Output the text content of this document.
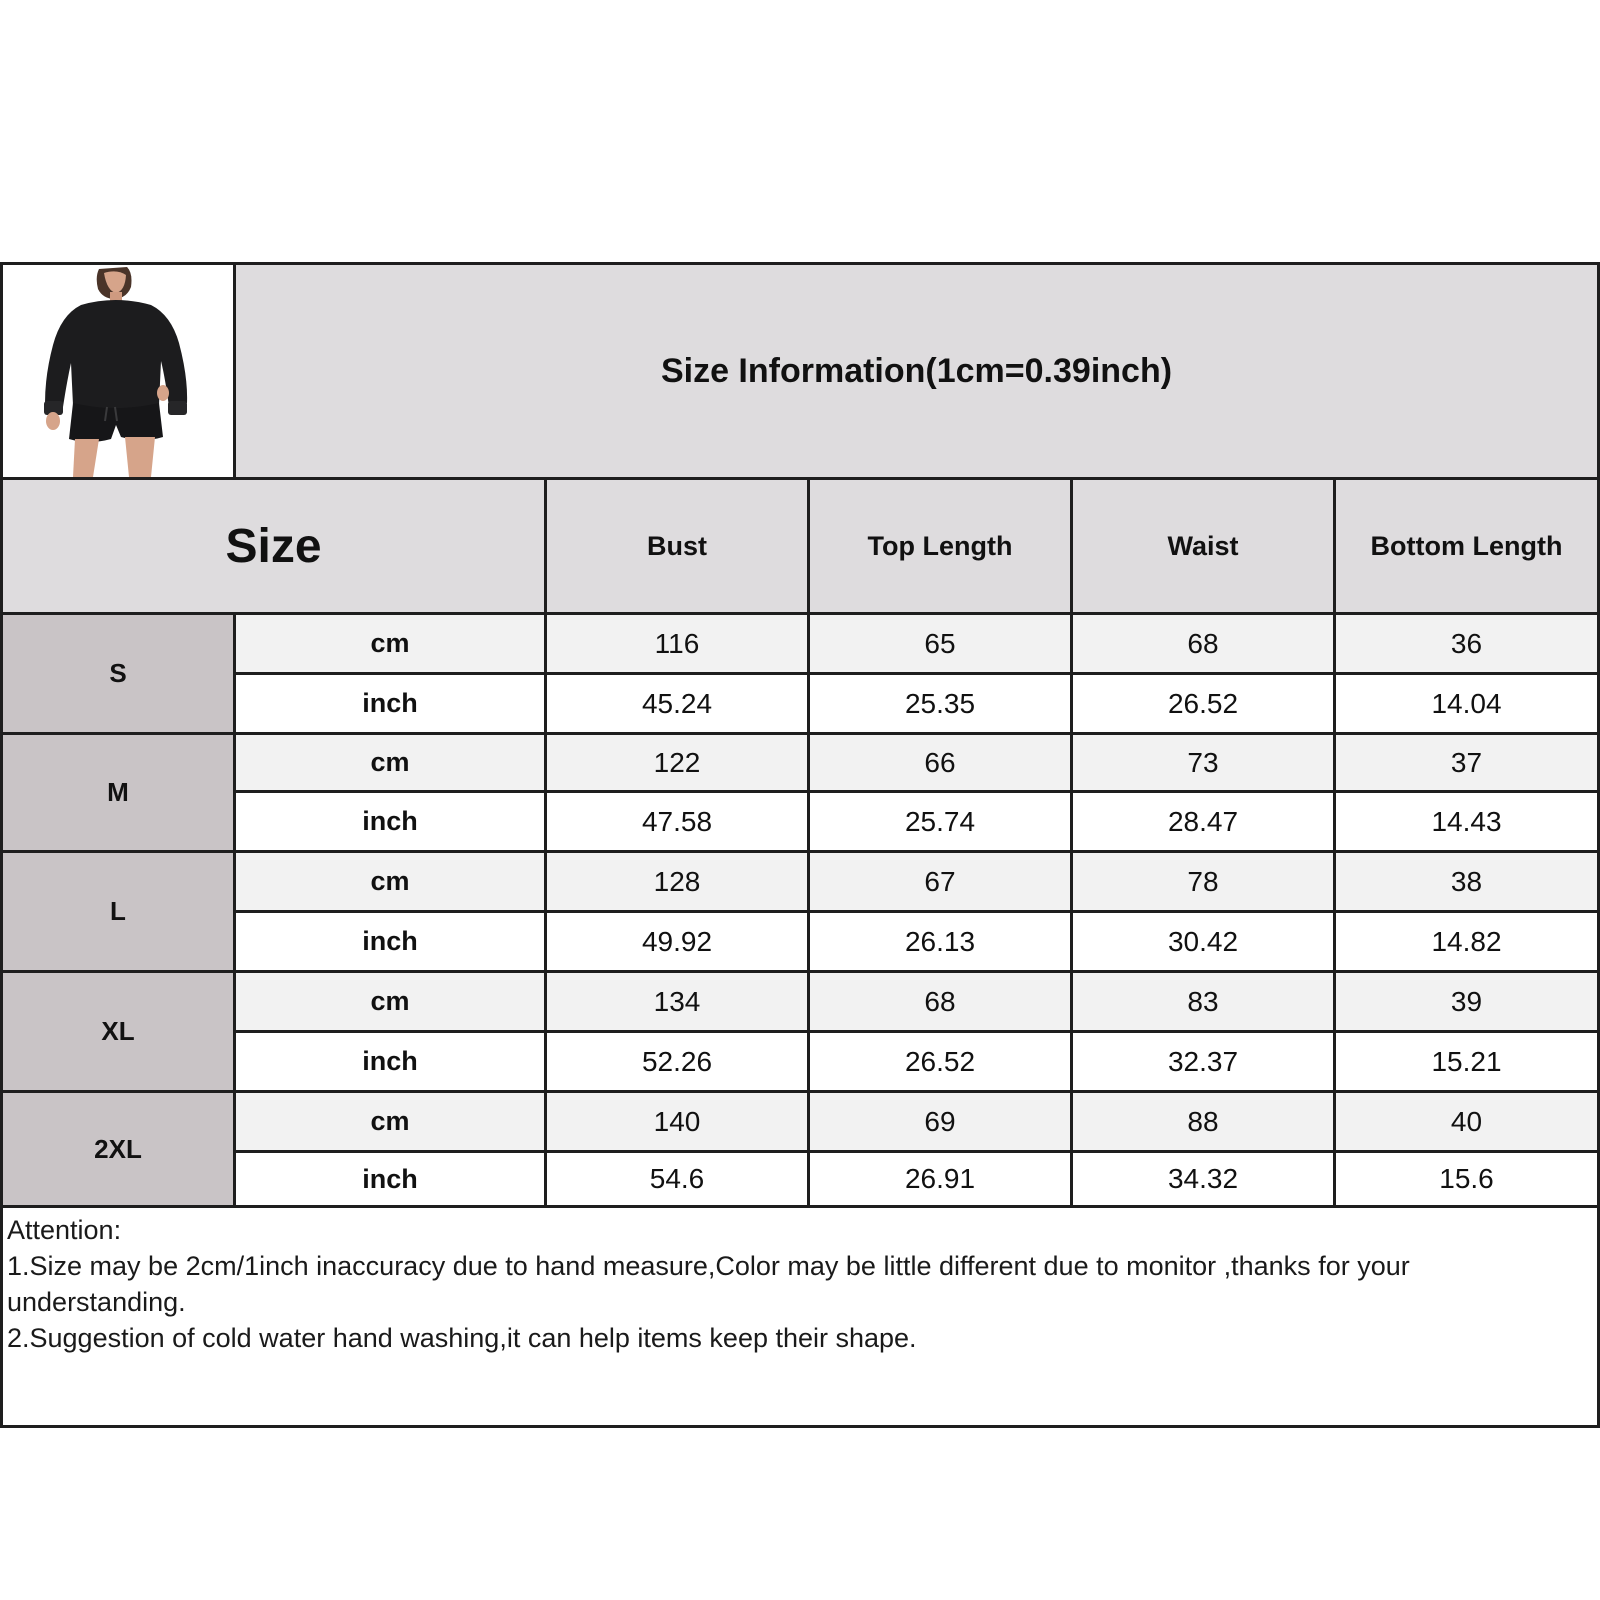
Size Information(1cm=0.39inch)
Size	Bust	Top Length	Waist	Bottom Length
S
cm	116	65	68	36
inch	45.24	25.35	26.52	14.04
M
cm	122	66	73	37
inch	47.58	25.74	28.47	14.43
L
cm	128	67	78	38
inch	49.92	26.13	30.42	14.82
XL
cm	134	68	83	39
inch	52.26	26.52	32.37	15.21
2XL
cm	140	69	88	40
inch	54.6	26.91	34.32	15.6

Attention:

1.Size may be 2cm/1inch inaccuracy due to hand measure,Color may be little different due to monitor ,thanks for your understanding.

2.Suggestion of cold water hand washing,it can help items keep their shape.
